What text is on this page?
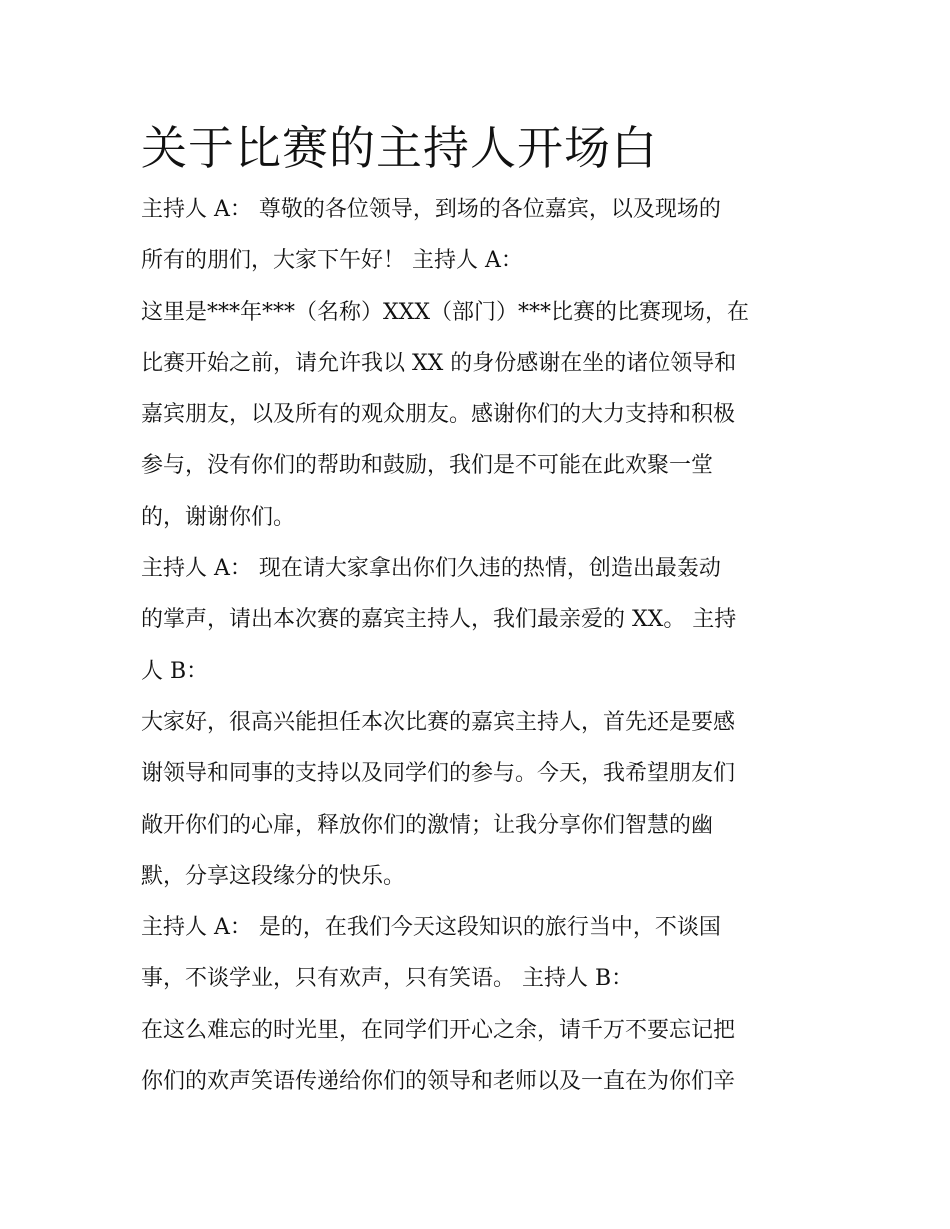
关于比赛的主持人开场白
主持人 A： 尊敬的各位领导，到场的各位嘉宾，以及现场的
所有的朋们，大家下午好！ 主持人 A：
这里是***年***（名称）XXX（部门）***比赛的比赛现场，在
比赛开始之前，请允许我以 XX 的身份感谢在坐的诸位领导和
嘉宾朋友，以及所有的观众朋友。感谢你们的大力支持和积极
参与，没有你们的帮助和鼓励，我们是不可能在此欢聚一堂
的，谢谢你们。
主持人 A： 现在请大家拿出你们久违的热情，创造出最轰动
的掌声，请出本次赛的嘉宾主持人，我们最亲爱的 XX。 主持
人 B：
大家好，很高兴能担任本次比赛的嘉宾主持人，首先还是要感
谢领导和同事的支持以及同学们的参与。今天，我希望朋友们
敞开你们的心扉，释放你们的激情；让我分享你们智慧的幽
默，分享这段缘分的快乐。
主持人 A： 是的，在我们今天这段知识的旅行当中，不谈国
事，不谈学业，只有欢声，只有笑语。 主持人 B：
在这么难忘的时光里，在同学们开心之余，请千万不要忘记把
你们的欢声笑语传递给你们的领导和老师以及一直在为你们辛
